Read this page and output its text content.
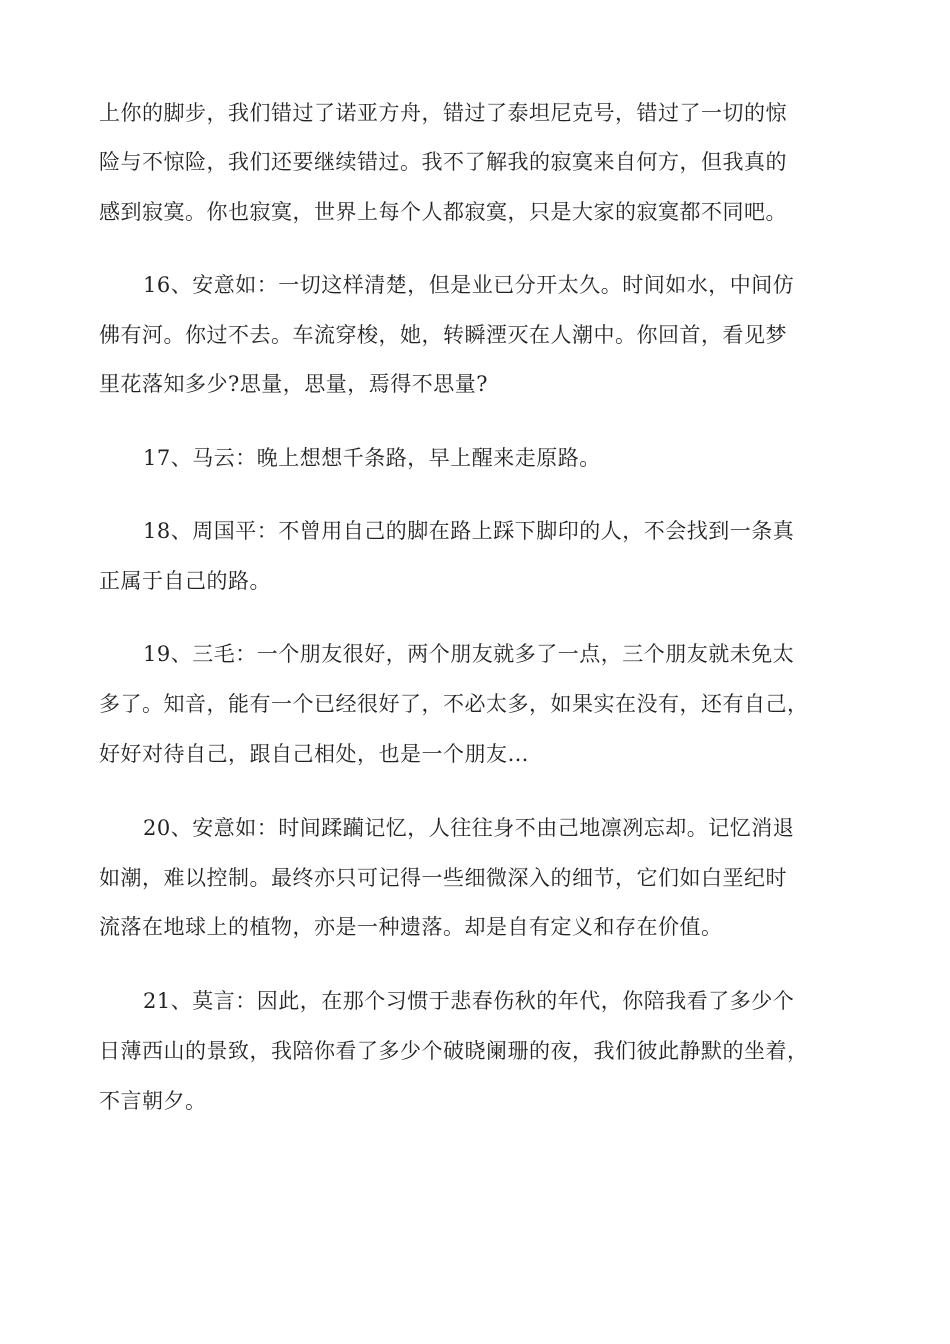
上你的脚步，我们错过了诺亚方舟，错过了泰坦尼克号，错过了一切的惊
险与不惊险，我们还要继续错过。我不了解我的寂寞来自何方，但我真的
感到寂寞。你也寂寞，世界上每个人都寂寞，只是大家的寂寞都不同吧。
16、安意如：一切这样清楚，但是业已分开太久。时间如水，中间仿
佛有河。你过不去。车流穿梭，她，转瞬湮灭在人潮中。你回首，看见梦
里花落知多少?思量，思量，焉得不思量?
17、马云：晚上想想千条路，早上醒来走原路。
18、周国平：不曾用自己的脚在路上踩下脚印的人，不会找到一条真
正属于自己的路。
19、三毛：一个朋友很好，两个朋友就多了一点，三个朋友就未免太
多了。知音，能有一个已经很好了，不必太多，如果实在没有，还有自己，
好好对待自己，跟自己相处，也是一个朋友…
20、安意如：时间蹂躏记忆，人往往身不由己地凛冽忘却。记忆消退
如潮，难以控制。最终亦只可记得一些细微深入的细节，它们如白垩纪时
流落在地球上的植物，亦是一种遗落。却是自有定义和存在价值。
21、莫言：因此，在那个习惯于悲春伤秋的年代，你陪我看了多少个
日薄西山的景致，我陪你看了多少个破晓阑珊的夜，我们彼此静默的坐着，
不言朝夕。
